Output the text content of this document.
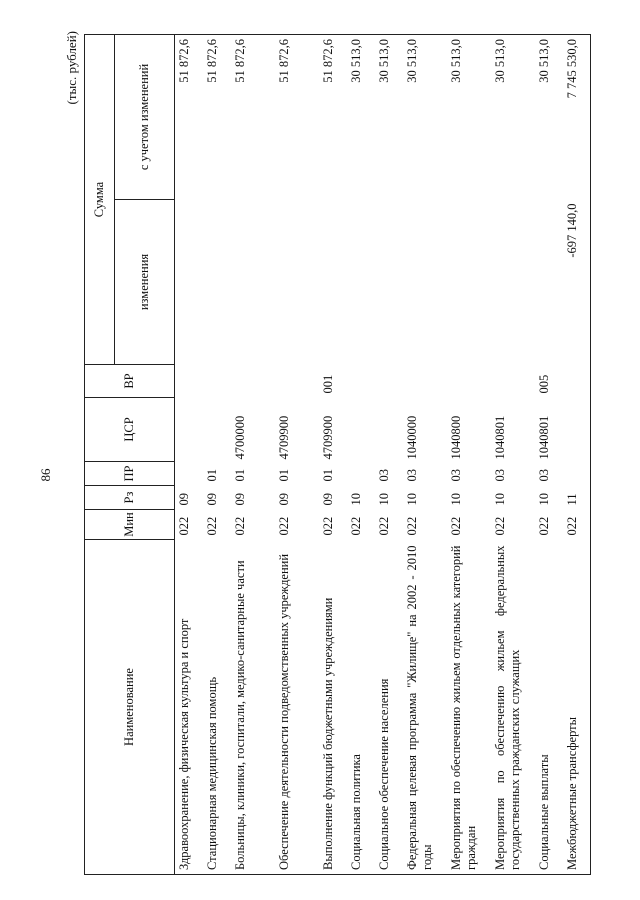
86
(тыс. рублей)
Наименование	Мин	Рз	ПР	ЦСР	ВР	Сумма	
						изменения	с учетом изменений
Здравоохранение, физическая культура и спорт	022	09					51 872,6
Стационарная медицинская помощь	022	09	01				51 872,6
Больницы, клиники, госпитали, медико-санитарные части	022	09	01	4700000			51 872,6
Обеспечение деятельности подведомственных учреждений	022	09	01	4709900			51 872,6
Выполнение функций бюджетными учреждениями	022	09	01	4709900	001		51 872,6
Социальная политика	022	10					30 513,0
Социальное обеспечение населения	022	10	03				30 513,0
Федеральная целевая программа "Жилище" на 2002 - 2010 годы	022	10	03	1040000			30 513,0
Мероприятия по обеспечению жильем отдельных категорий граждан	022	10	03	1040800			30 513,0
Мероприятия по обеспечению жильем федеральных государственных гражданских служащих	022	10	03	1040801			30 513,0
Социальные выплаты	022	10	03	1040801	005		30 513,0
Межбюджетные трансферты	022	11				-697 140,0	7 745 530,0
